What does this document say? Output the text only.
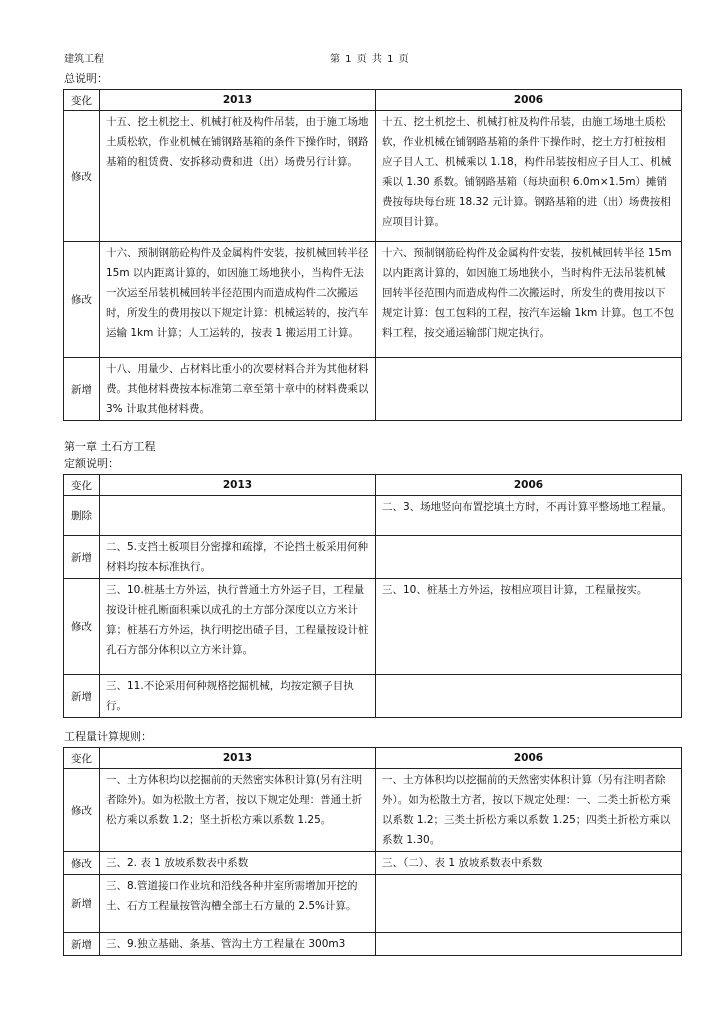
建筑工程	第 1 页 共 1 页
总说明：
变化	2013	2006
修改	十五、挖土机挖土、机械打桩及构件吊装，由于施工场地土质松软，作业机械在铺钢路基箱的条件下操作时，钢路基箱的租赁费、安拆移动费和进（出）场费另行计算。	十五、挖土机挖土、机械打桩及构件吊装，由施工场地土质松软，作业机械在铺钢路基箱的条件下操作时，挖土方打桩按相应子目人工、机械乘以 1.18，构件吊装按相应子目人工、机械乘以 1.30 系数。铺钢路基箱（每块面积 6.0m×1.5m）摊销费按每块每台班 18.32 元计算。钢路基箱的进（出）场费按相应项目计算。
修改	十六、预制钢筋砼构件及金属构件安装，按机械回转半径 15m 以内距离计算的，如因施工场地狭小，当构件无法一次运至吊装机械回转半径范围内而造成构件二次搬运时，所发生的费用按以下规定计算：机械运转的，按汽车运输 1km 计算；人工运转的，按表 1 搬运用工计算。	十六、预制钢筋砼构件及金属构件安装，按机械回转半径 15m 以内距离计算的，如因施工场地狭小，当时构件无法吊装机械回转半径范围内而造成构件二次搬运时，所发生的费用按以下规定计算：包工包料的工程，按汽车运输 1km 计算。包工不包料工程，按交通运输部门规定执行。
新增	十八、用量少、占材料比重小的次要材料合并为其他材料费。其他材料费按本标准第二章至第十章中的材料费乘以 3% 计取其他材料费。	
第一章 土石方工程
定额说明：
变化	2013	2006
删除		二、3、场地竖向布置挖填土方时，不再计算平整场地工程量。
新增	二、5.支挡土板项目分密撑和疏撑，不论挡土板采用何种材料均按本标准执行。	
修改	三、10.桩基土方外运，执行普通土方外运子目，工程量按设计桩孔断面积乘以成孔的土方部分深度以立方米计算；桩基石方外运，执行明挖出碴子目，工程量按设计桩孔石方部分体积以立方米计算。	三、10、桩基土方外运，按相应项目计算，工程量按实。
新增	三、11.不论采用何种规格挖掘机械，均按定额子目执行。	
工程量计算规则：
变化	2013	2006
修改	一、土方体积均以挖掘前的天然密实体积计算(另有注明者除外)。如为松散土方者，按以下规定处理：普通土折松方乘以系数 1.2；坚土折松方乘以系数 1.25。	一、土方体积均以挖掘前的天然密实体积计算（另有注明者除外）。如为松散土方者，按以下规定处理：一、二类土折松方乘以系数 1.2；三类土折松方乘以系数 1.25；四类土折松方乘以系数 1.30。
修改	三、2. 表 1 放坡系数表中系数	三、（二）、表 1 放坡系数表中系数
新增	三、8.管道接口作业坑和沿线各种井室所需增加开挖的土、石方工程量按管沟槽全部土石方量的 2.5%计算。	
新增	三、9.独立基础、条基、管沟土方工程量在 300m3	
